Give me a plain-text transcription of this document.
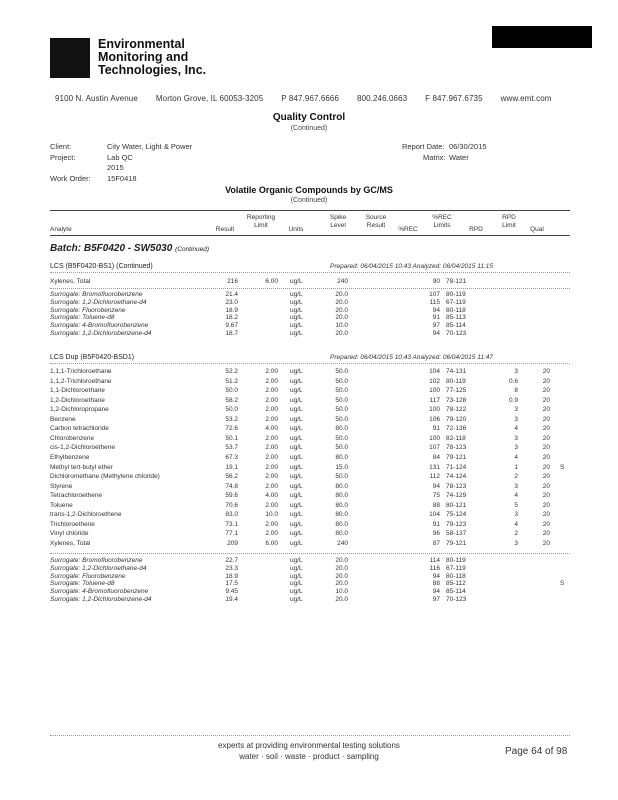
Environmental
Monitoring and
Technologies, Inc.
9100 N. Austin Avenue Morton Grove, IL 60053-3205 P 847.967.6666 800.246.0663 F 847.967.6735 www.emt.com
Quality Control
(Continued)
Client:	City Water, Light & Power
Project:	Lab QC
2015
Work Order: 15F0418
Report Date: 06/30/2015
Matrix: Water
Volatile Organic Compounds by GC/MS
(Continued)
Analyte	Result
Reporting
Limit
Units
Spike
Level
Source
Result
%REC
%REC
Limits
RPD
RPD
Limit
Qual
Batch: B5F0420 - SW5030 (Continued)
LCS (B5F0420-BS1) (Continued)	Prepared: 06/04/2015 10:43 Analyzed: 06/04/2015 11:15
Xylenes, Total	216	6.00 ug/L	240	90 78-121
Surrogate: Bromofluorobenzene	21.4	ug/L	20.0	107 80-119
Surrogate: 1,2-Dichloroethane-d4	23.0	ug/L	20.0	115 67-119
Surrogate: Fluorobenzene	18.9	ug/L	20.0	94 80-118
Surrogate: Toluene-d8	18.2	ug/L	20.0	91 85-113
Surrogate: 4-Bromofluorobenzene	9.67	ug/L	10.0	97 85-114
Surrogate: 1,2-Dichlorobenzene-d4	18.7	ug/L	20.0	94 70-123
LCS Dup (B5F0420-BSD1)	Prepared: 06/04/2015 10:43 Analyzed: 06/04/2015 11:47
1,1,1-Trichloroethane	52.2	2.00 ug/L	50.0	104 74-131	3	20
1,1,2-Trichloroethane	51.2	2.00 ug/L	50.0	102 80-119	0.6	20
1,1-Dichloroethane	50.0	2.00 ug/L	50.0	100 77-125	8	20
1,2-Dichloroethane	58.2	2.00 ug/L	50.0	117 73-128	0.9	20
1,2-Dichloropropane	50.0	2.00 ug/L	50.0	100 78-122	3	20
Benzene	53.2	2.00 ug/L	50.0	106 79-120	3	20
Carbon tetrachloride	72.6	4.00 ug/L	80.0	91 72-136	4	20
Chlorobenzene	50.1	2.00 ug/L	50.0	100 82-118	3	20
cis-1,2-Dichloroethene	53.7	2.00 ug/L	50.0	107 78-123	3	20
Ethylbenzene	67.3	2.00 ug/L	80.0	84 79-121	4	20
Methyl tert-butyl ether	19.1	2.00 ug/L	15.0	131 71-124	1	20 S
Dichloromethane (Methylene chloride)	56.2	2.00 ug/L	50.0	112 74-124	2	20
Styrene	74.8	2.00 ug/L	80.0	94 78-123	3	20
Tetrachloroethene	59.6	4.00 ug/L	80.0	75 74-129	4	20
Toluene	70.6	2.00 ug/L	80.0	88 80-121	5	20
trans-1,2-Dichloroethene	83.0	10.0 ug/L	80.0	104 75-124	3	20
Trichloroethene	73.1	2.00 ug/L	80.0	91 79-123	4	20
Vinyl chloride	77.1	2.00 ug/L	80.0	96 58-137	2	20
Xylenes, Total	209	6.00 ug/L	240	87 79-121	3	20
Surrogate: Bromofluorobenzene	22.7	ug/L	20.0	114 80-119
Surrogate: 1,2-Dichloroethane-d4	23.3	ug/L	20.0	116 67-119
Surrogate: Fluorobenzene	18.9	ug/L	20.0	94 80-118
Surrogate: Toluene-d8	17.5	ug/L	20.0	88 85-112	S
Surrogate: 4-Bromofluorobenzene	9.45	ug/L	10.0	94 85-114
Surrogate: 1,2-Dichlorobenzene-d4	19.4	ug/L	20.0	97 70-123
experts at providing environmental testing solutions
water · soil · waste · product · sampling	Page 64 of 98
